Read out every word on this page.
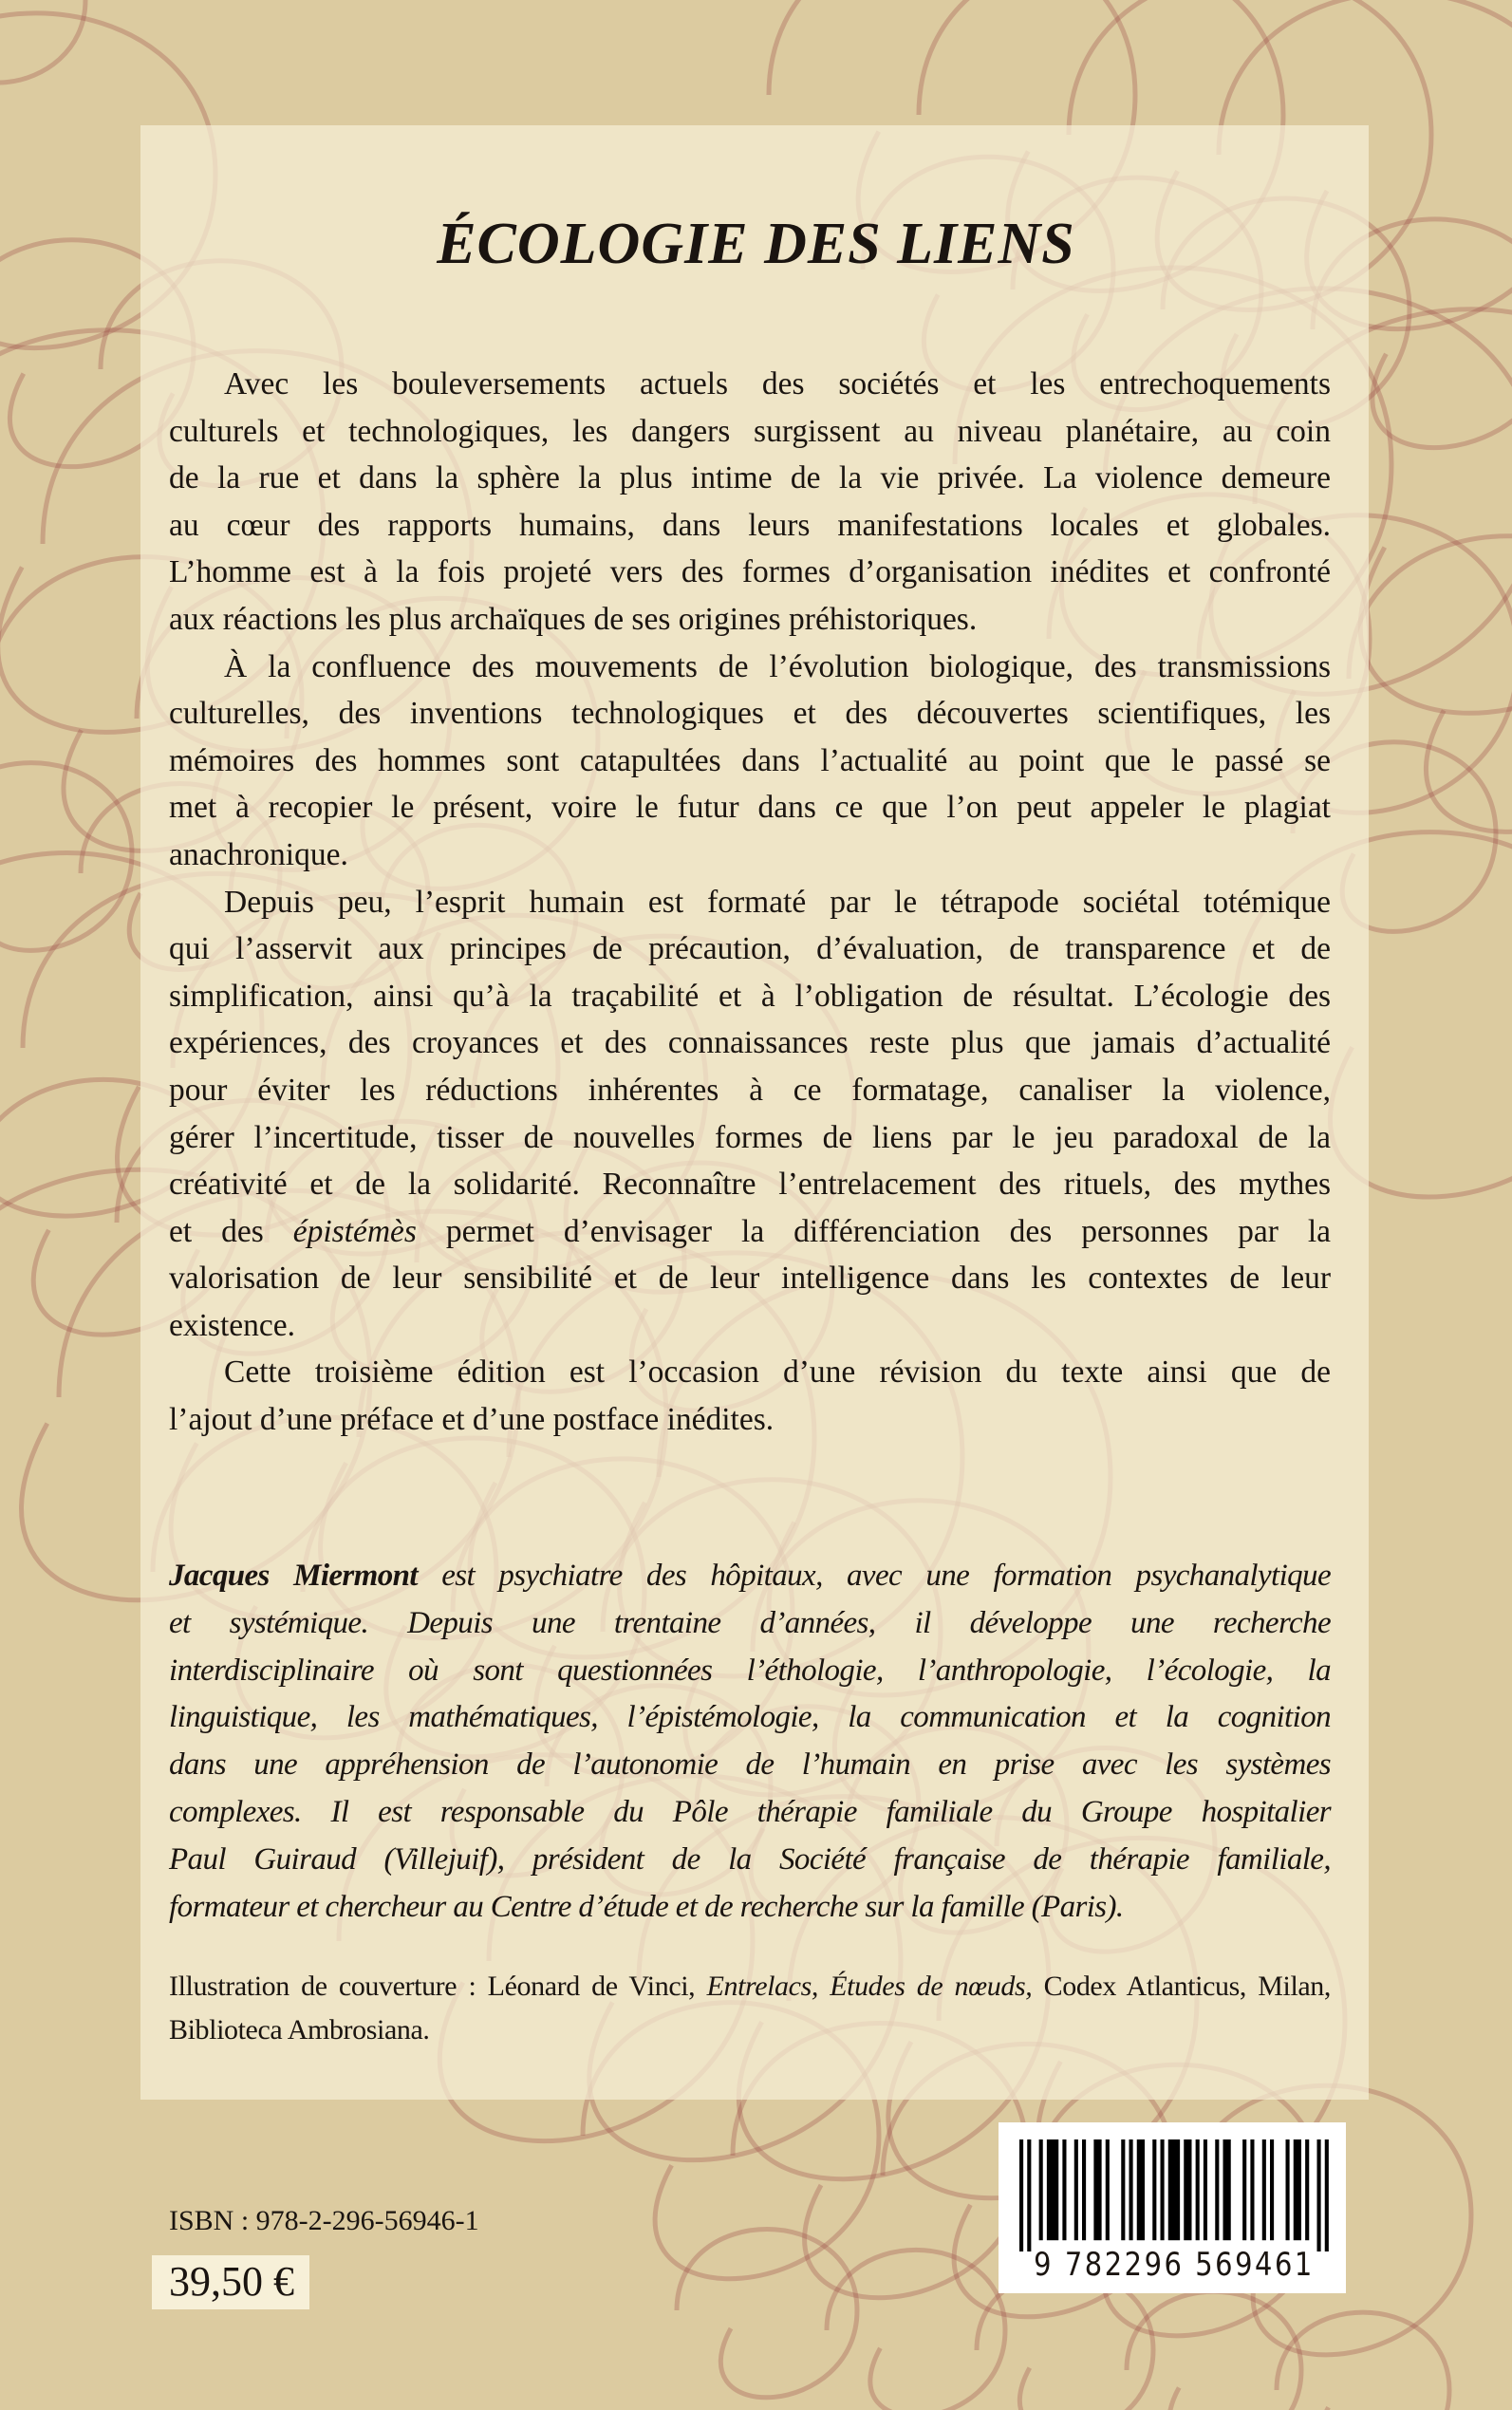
ÉCOLOGIE DES LIENS
Avec les bouleversements actuels des sociétés et les entrechoquements
culturels et technologiques, les dangers surgissent au niveau planétaire, au coin
de la rue et dans la sphère la plus intime de la vie privée. La violence demeure
au cœur des rapports humains, dans leurs manifestations locales et globales.
L’homme est à la fois projeté vers des formes d’organisation inédites et confronté
aux réactions les plus archaïques de ses origines préhistoriques.
À la confluence des mouvements de l’évolution biologique, des transmissions
culturelles, des inventions technologiques et des découvertes scientifiques, les
mémoires des hommes sont catapultées dans l’actualité au point que le passé se
met à recopier le présent, voire le futur dans ce que l’on peut appeler le plagiat
anachronique.
Depuis peu, l’esprit humain est formaté par le tétrapode sociétal totémique
qui l’asservit aux principes de précaution, d’évaluation, de transparence et de
simplification, ainsi qu’à la traçabilité et à l’obligation de résultat. L’écologie des
expériences, des croyances et des connaissances reste plus que jamais d’actualité
pour éviter les réductions inhérentes à ce formatage, canaliser la violence,
gérer l’incertitude, tisser de nouvelles formes de liens par le jeu paradoxal de la
créativité et de la solidarité. Reconnaître l’entrelacement des rituels, des mythes
et des épistémès permet d’envisager la différenciation des personnes par la
valorisation de leur sensibilité et de leur intelligence dans les contextes de leur
existence.
Cette troisième édition est l’occasion d’une révision du texte ainsi que de
l’ajout d’une préface et d’une postface inédites.
Jacques Miermont est psychiatre des hôpitaux, avec une formation psychanalytique
et systémique. Depuis une trentaine d’années, il développe une recherche
interdisciplinaire où sont questionnées l’éthologie, l’anthropologie, l’écologie, la
linguistique, les mathématiques, l’épistémologie, la communication et la cognition
dans une appréhension de l’autonomie de l’humain en prise avec les systèmes
complexes. Il est responsable du Pôle thérapie familiale du Groupe hospitalier
Paul Guiraud (Villejuif), président de la Société française de thérapie familiale,
formateur et chercheur au Centre d’étude et de recherche sur la famille (Paris).
Illustration de couverture : Léonard de Vinci, Entrelacs, Études de nœuds, Codex Atlanticus, Milan,
Biblioteca Ambrosiana.
ISBN : 978-2-296-56946-1
39,50 €	9 782296 569461
